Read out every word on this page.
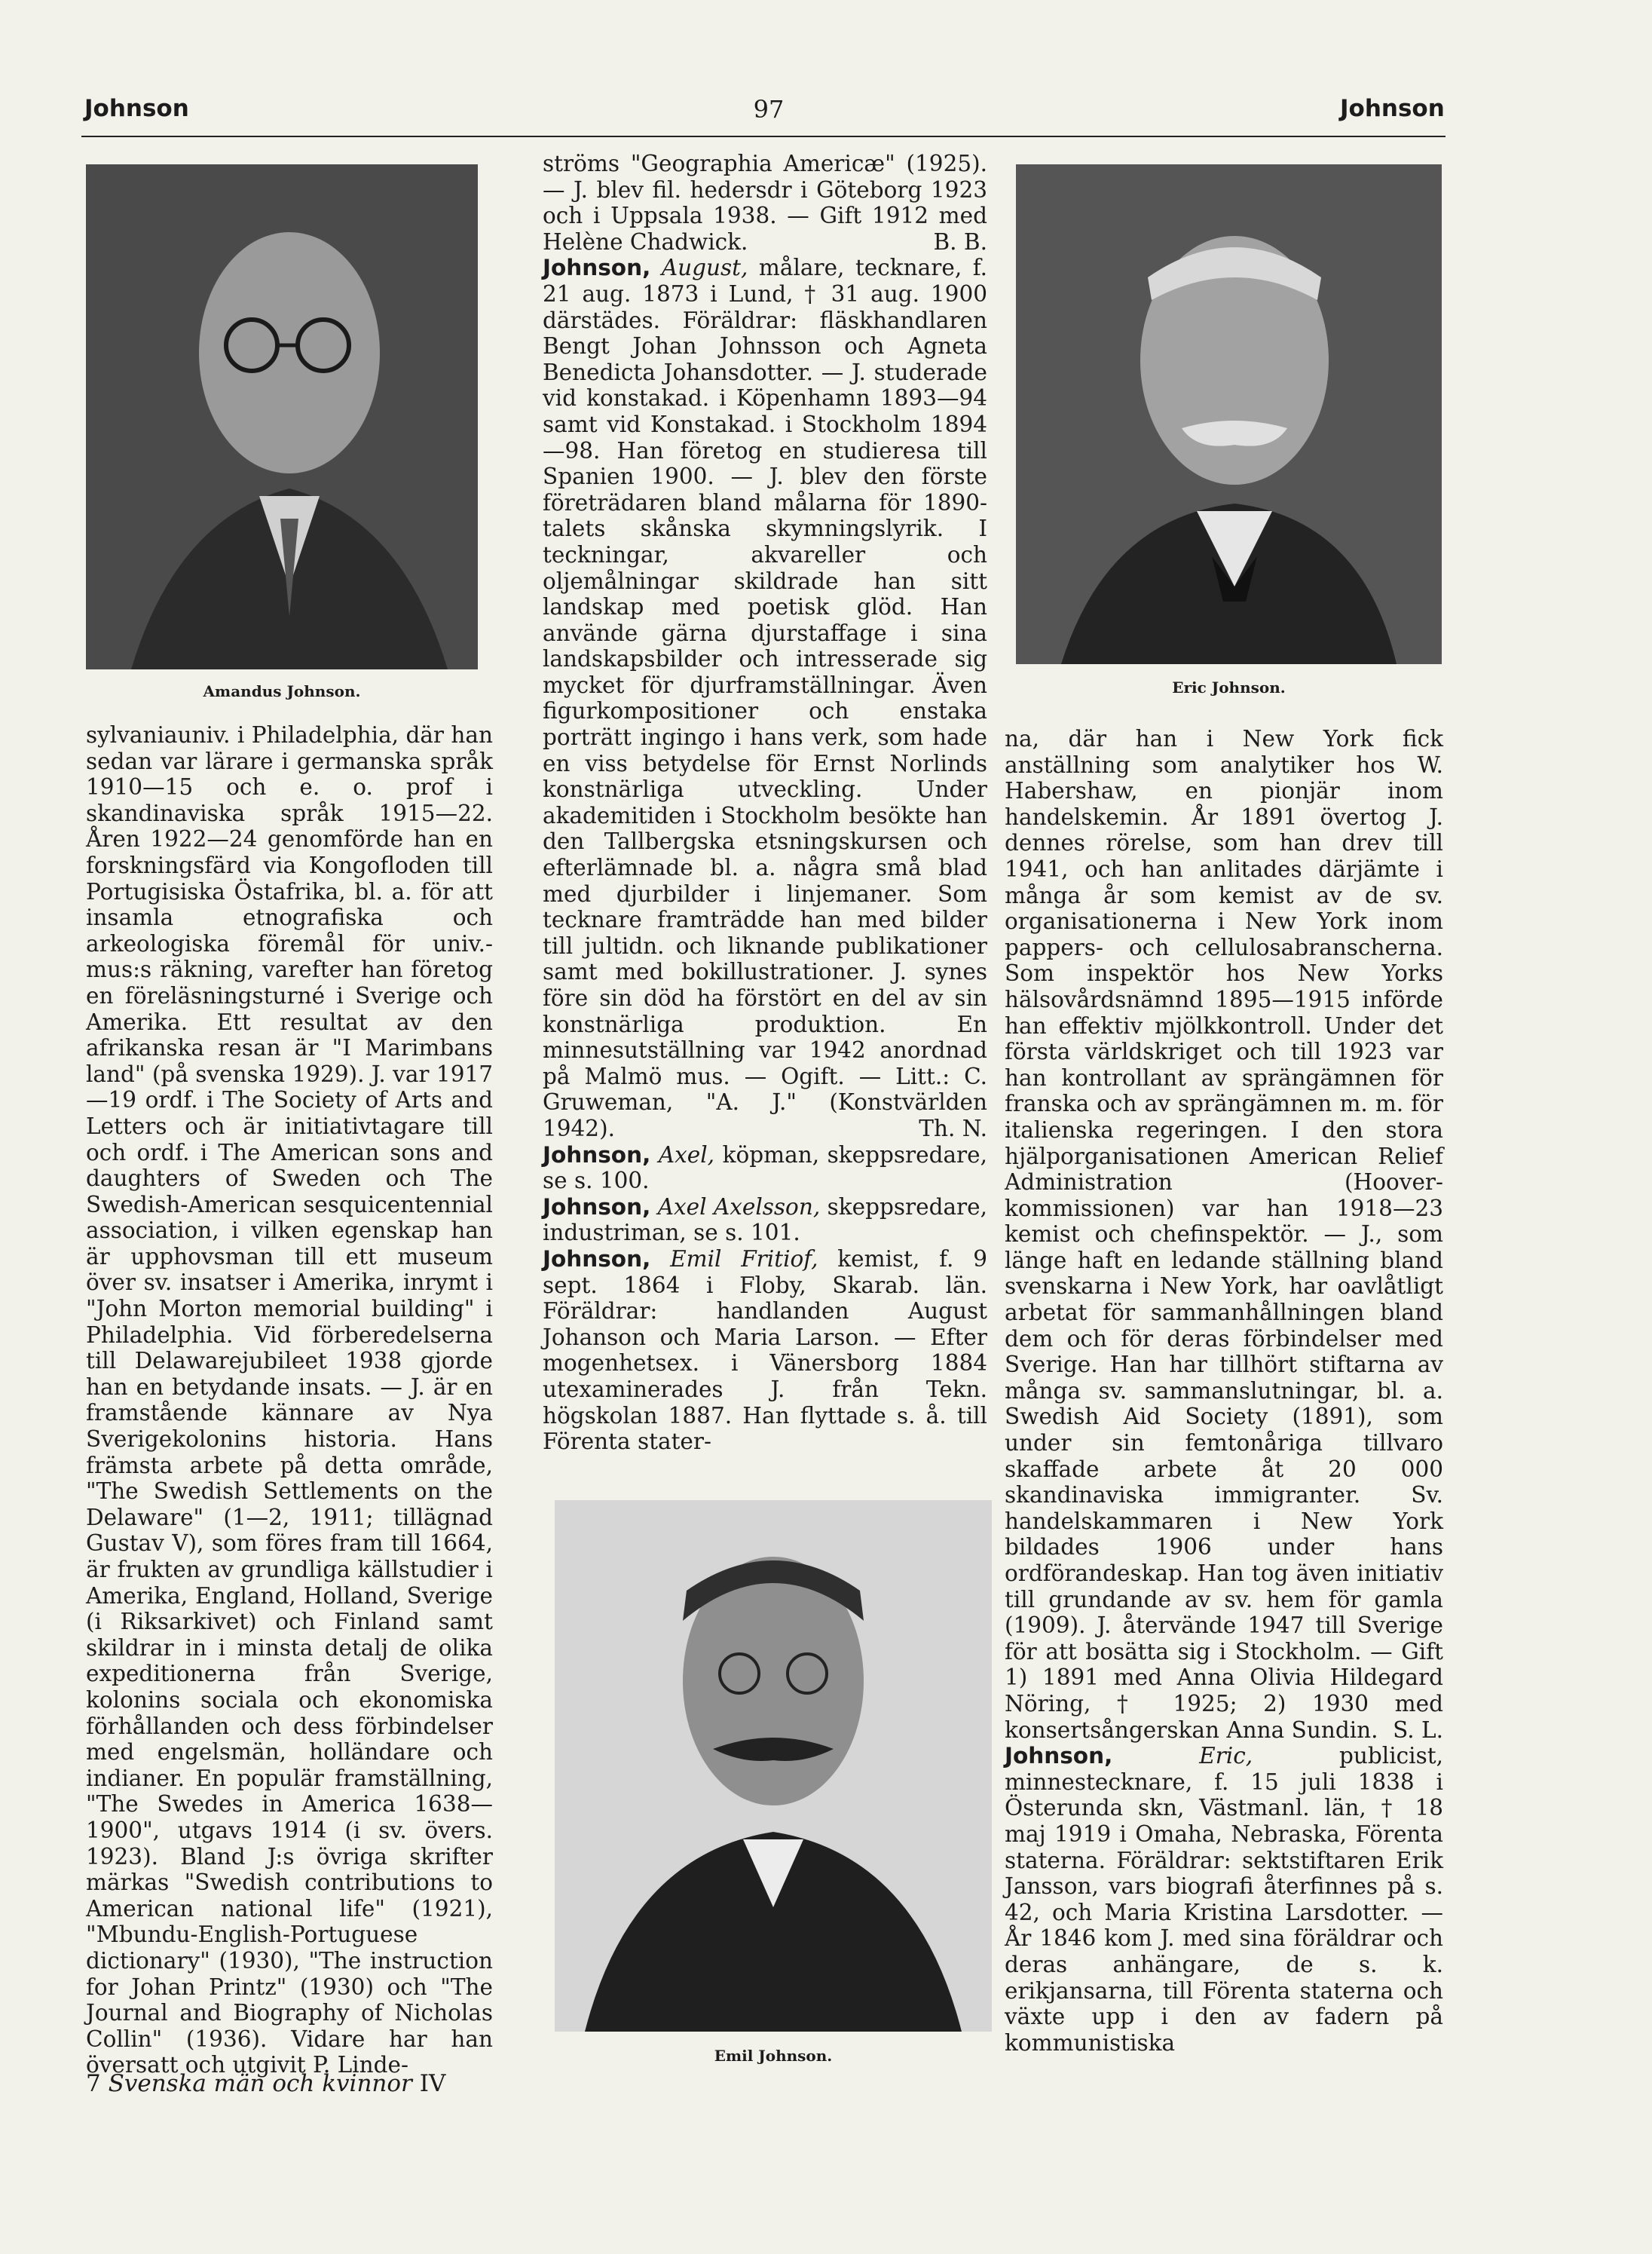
Johnson	97	Johnson
Amandus Johnson.	Eric Johnson.
Emil Johnson.

sylvaniauniv. i Philadelphia, där han sedan var lärare i germanska språk 1910—15 och e. o. prof i skandinaviska språk 1915—22. Åren 1922—24 genomförde han en forskningsfärd via Kongofloden till Portugisiska Östafrika, bl. a. för att insamla etnografiska och arkeologiska föremål för univ.-mus:s räkning, varefter han företog en föreläsningsturné i Sverige och Amerika. Ett resultat av den afrikanska resan är "I Marimbans land" (på svenska 1929). J. var 1917—19 ordf. i The Society of Arts and Letters och är initiativtagare till och ordf. i The American sons and daughters of Sweden och The Swedish-American sesquicentennial association, i vilken egenskap han är upphovsman till ett museum över sv. insatser i Amerika, inrymt i "John Morton memorial building" i Philadelphia. Vid förberedelserna till Delawarejubileet 1938 gjorde han en betydande insats. — J. är en framstående kännare av Nya Sverigekolonins historia. Hans främsta arbete på detta område, "The Swedish Settlements on the Delaware" (1—2, 1911; tillägnad Gustav V), som föres fram till 1664, är frukten av grundliga källstudier i Amerika, England, Holland, Sverige (i Riksarkivet) och Finland samt skildrar in i minsta detalj de olika expeditionerna från Sverige, kolonins sociala och ekonomiska förhållanden och dess förbindelser med engelsmän, holländare och indianer. En populär framställning, "The Swedes in America 1638—1900", utgavs 1914 (i sv. övers. 1923). Bland J:s övriga skrifter märkas "Swedish contributions to American national life" (1921), "Mbundu-English-Portuguese dictionary" (1930), "The instruction for Johan Printz" (1930) och "The Journal and Biography of Nicholas Collin" (1936). Vidare har han översatt och utgivit P. Linde-

ströms "Geographia Americæ" (1925). — J. blev fil. hedersdr i Göteborg 1923 och i Uppsala 1938. — Gift 1912 med Helène Chadwick.	B. B.

Johnson, August, målare, tecknare, f. 21 aug. 1873 i Lund, † 31 aug. 1900 därstädes. Föräldrar: fläskhandlaren Bengt Johan Johnsson och Agneta Benedicta Johansdotter. — J. studerade vid konstakad. i Köpenhamn 1893—94 samt vid Konstakad. i Stockholm 1894—98. Han företog en studieresa till Spanien 1900. — J. blev den förste företrädaren bland målarna för 1890-talets skånska skymningslyrik. I teckningar, akvareller och oljemålningar skildrade han sitt landskap med poetisk glöd. Han använde gärna djurstaffage i sina landskapsbilder och intresserade sig mycket för djurframställningar. Även figurkompositioner och enstaka porträtt ingingo i hans verk, som hade en viss betydelse för Ernst Norlinds konstnärliga utveckling. Under akademitiden i Stockholm besökte han den Tallbergska etsningskursen och efterlämnade bl. a. några små blad med djurbilder i linjemaner. Som tecknare framträdde han med bilder till jultidn. och liknande publikationer samt med bokillustrationer. J. synes före sin död ha förstört en del av sin konstnärliga produktion. En minnesutställning var 1942 anordnad på Malmö mus. — Ogift. — Litt.: C. Gruweman, "A. J." (Konstvärlden 1942).	Th. N.

Johnson, Axel, köpman, skeppsredare, se s. 100.

Johnson, Axel Axelsson, skeppsredare, industriman, se s. 101.

Johnson, Emil Fritiof, kemist, f. 9 sept. 1864 i Floby, Skarab. län. Föräldrar: handlanden August Johanson och Maria Larson. — Efter mogenhetsex. i Vänersborg 1884 utexaminerades J. från Tekn. högskolan 1887. Han flyttade s. å. till Förenta stater-

na, där han i New York fick anställning som analytiker hos W. Habershaw, en pionjär inom handelskemin. År 1891 övertog J. dennes rörelse, som han drev till 1941, och han anlitades därjämte i många år som kemist av de sv. organisationerna i New York inom pappers- och cellulosabranscherna. Som inspektör hos New Yorks hälsovårdsnämnd 1895—1915 införde han effektiv mjölkkontroll. Under det första världskriget och till 1923 var han kontrollant av sprängämnen för franska och av sprängämnen m. m. för italienska regeringen. I den stora hjälporganisationen American Relief Administration (Hoover-kommissionen) var han 1918—23 kemist och chefinspektör. — J., som länge haft en ledande ställning bland svenskarna i New York, har oavlåtligt arbetat för sammanhållningen bland dem och för deras förbindelser med Sverige. Han har tillhört stiftarna av många sv. sammanslutningar, bl. a. Swedish Aid Society (1891), som under sin femtonåriga tillvaro skaffade arbete åt 20 000 skandinaviska immigranter. Sv. handelskammaren i New York bildades 1906 under hans ordförandeskap. Han tog även initiativ till grundande av sv. hem för gamla (1909). J. återvände 1947 till Sverige för att bosätta sig i Stockholm. — Gift 1) 1891 med Anna Olivia Hildegard Nöring, † 1925; 2) 1930 med konsertsångerskan Anna Sundin. S. L.

Johnson,	Eric,	publicist, minnestecknare, f. 15 juli 1838 i Österunda skn, Västmanl. län, † 18 maj 1919 i Omaha, Nebraska, Förenta staterna. Föräldrar: sektstiftaren Erik Jansson, vars biografi återfinnes på s. 42, och Maria Kristina Larsdotter. — År 1846 kom J. med sina föräldrar och deras anhängare, de s. k. erikjansarna, till Förenta staterna och växte upp i den av fadern på kommunistiska

7 Svenska män och kvinnor IV
